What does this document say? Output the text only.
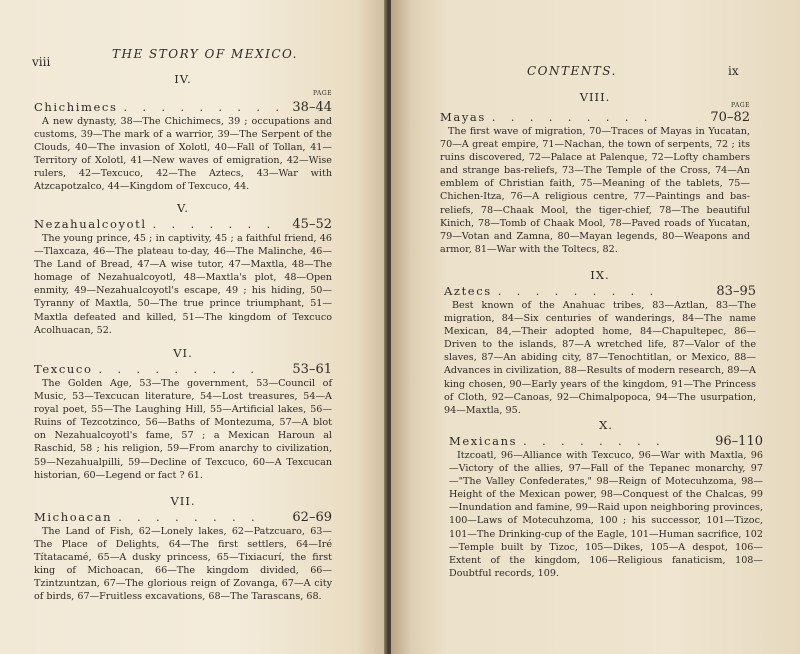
viii
THE STORY OF MEXICO.
IV.
PAGE
Chichimecs . . . . . . . . . 38–44

A new dynasty, 38—The Chichimecs, 39 ; occupations and customs, 39—The mark of a warrior, 39—The Serpent of the Clouds, 40—The invasion of Xolotl, 40—Fall of Tollan, 41—Territory of Xolotl, 41—New waves of emigration, 42—Wise rulers, 42—Texcuco, 42—The Aztecs, 43—War with Atzcapotzalco, 44—Kingdom of Texcuco, 44.

V.
Nezahualcoyotl . . . . . . .	45–52

The young prince, 45 ; in captivity, 45 ; a faithful friend, 46—Tlaxcaza, 46—The plateau to-day, 46—The Malinche, 46—The Land of Bread, 47—A wise tutor, 47—Maxtla, 48—The homage of Nezahualcoyotl, 48—Maxtla's plot, 48—Open enmity, 49—Nezahualcoyotl's escape, 49 ; his hiding, 50—Tyranny of Maxtla, 50—The true prince triumphant, 51—Maxtla defeated and killed, 51—The kingdom of Texcuco Acolhuacan, 52.

VI.
Texcuco . . . . . . . . .	53–61

The Golden Age, 53—The government, 53—Council of Music, 53—Texcucan literature, 54—Lost treasures, 54—A royal poet, 55—The Laughing Hill, 55—Artificial lakes, 56—Ruins of Tezcotzinco, 56—Baths of Montezuma, 57—A blot on Nezahualcoyotl's fame, 57 ; a Mexican Haroun al Raschid, 58 ; his religion, 59—From anarchy to civilization, 59—Nezahualpilli, 59—Decline of Texcuco, 60—A Texcucan historian, 60—Legend or fact ? 61.

VII.
Michoacan . . . . . . . .	62–69

The Land of Fish, 62—Lonely lakes, 62—Patzcuaro, 63—The Place of Delights, 64—The first settlers, 64—Iré Títatacamé, 65—A dusky princess, 65—Tixiacurí, the first king of Michoacan, 66—The kingdom divided, 66—Tzintzuntzan, 67—The glorious reign of Zovanga, 67—A city of birds, 67—Fruitless excavations, 68—The Tarascans, 68.

CONTENTS.	ix
VIII.
PAGE
Mayas . . . . . . . . .	70–82

The first wave of migration, 70—Traces of Mayas in Yucatan, 70—A great empire, 71—Nachan, the town of serpents, 72 ; its ruins discovered, 72—Palace at Palenque, 72—Lofty chambers and strange bas-reliefs, 73—The Temple of the Cross, 74—An emblem of Christian faith, 75—Meaning of the tablets, 75—Chichen-Itza, 76—A religious centre, 77—Paintings and bas-reliefs, 78—Chaak Mool, the tiger-chief, 78—The beautiful Kinich, 78—Tomb of Chaak Mool, 78—Paved roads of Yucatan, 79—Votan and Zamna, 80—Mayan legends, 80—Weapons and armor, 81—War with the Toltecs, 82.

IX.
Aztecs . . . . . . . . .	83–95

Best known of the Anahuac tribes, 83—Aztlan, 83—The migration, 84—Six centuries of wanderings, 84—The name Mexican, 84,—Their adopted home, 84—Chapultepec, 86—Driven to the islands, 87—A wretched life, 87—Valor of the slaves, 87—An abiding city, 87—Tenochtitlan, or Mexico, 88—Advances in civilization, 88—Results of modern research, 89—A king chosen, 90—Early years of the kingdom, 91—The Princess of Cloth, 92—Canoas, 92—Chimalpopoca, 94—The usurpation, 94—Maxtla, 95.

X.
Mexicans . . . . . . . .	96–110

Itzcoatl, 96—Alliance with Texcuco, 96—War with Maxtla, 96—Victory of the allies, 97—Fall of the Tepanec monarchy, 97—"The Valley Confederates," 98—Reign of Motecuhzoma, 98—Height of the Mexican power, 98—Conquest of the Chalcas, 99—Inundation and famine, 99—Raid upon neighboring provinces, 100—Laws of Motecuhzoma, 100 ; his successor, 101—Tizoc, 101—The Drinking-cup of the Eagle, 101—Human sacrifice, 102—Temple built by Tizoc, 105—Dikes, 105—A despot, 106—Extent of the kingdom, 106—Religious fanaticism, 108—Doubtful records, 109.
